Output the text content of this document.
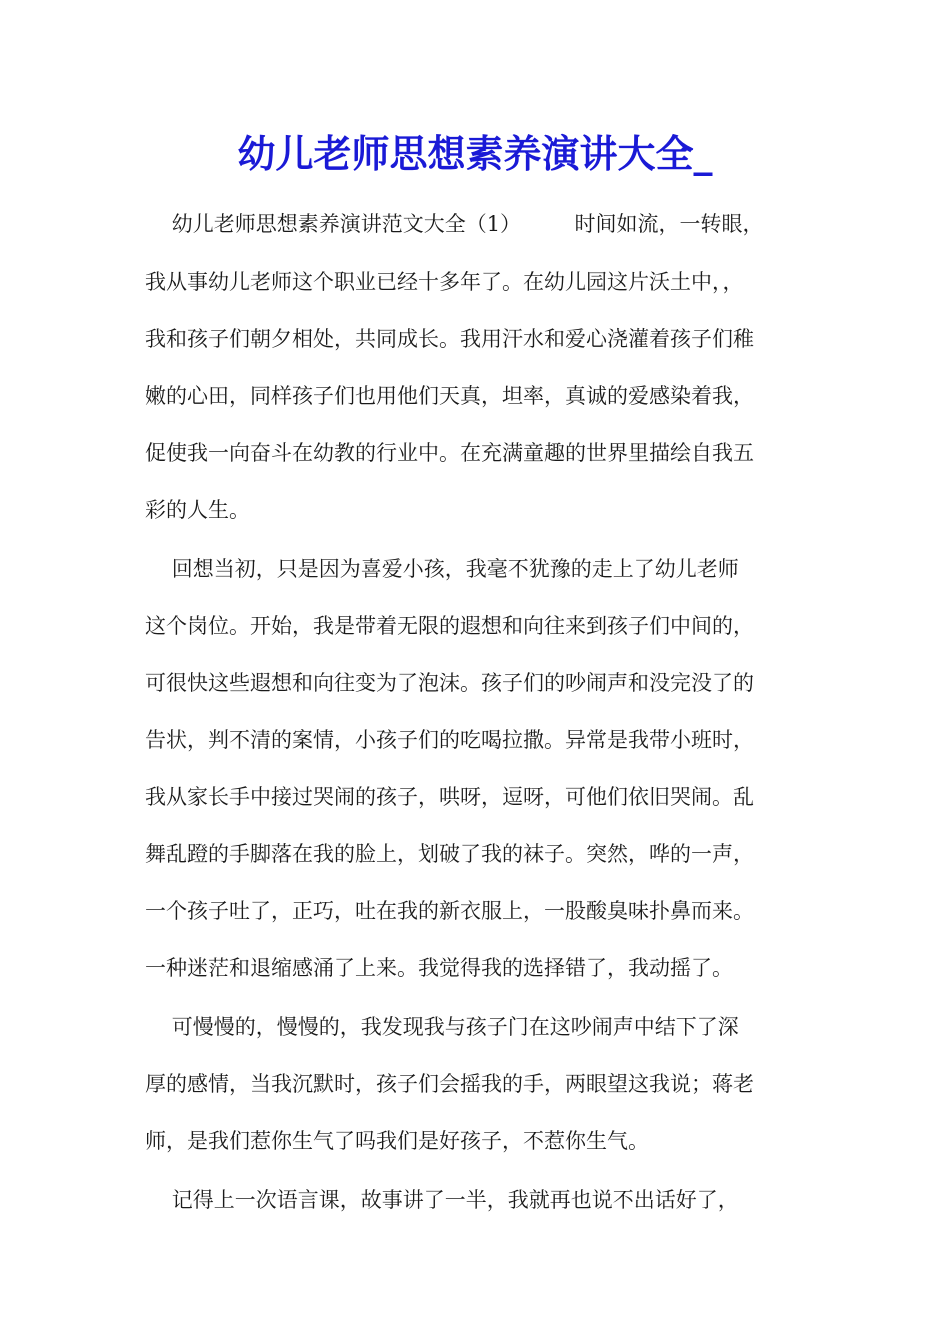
幼儿老师思想素养演讲大全_

幼儿老师思想素养演讲范文大全（1）        时间如流，一转眼，

我从事幼儿老师这个职业已经十多年了。在幼儿园这片沃土中，，

我和孩子们朝夕相处，共同成长。我用汗水和爱心浇灌着孩子们稚

嫩的心田，同样孩子们也用他们天真，坦率，真诚的爱感染着我，

促使我一向奋斗在幼教的行业中。在充满童趣的世界里描绘自我五

彩的人生。

回想当初，只是因为喜爱小孩，我毫不犹豫的走上了幼儿老师

这个岗位。开始，我是带着无限的遐想和向往来到孩子们中间的，

可很快这些遐想和向往变为了泡沫。孩子们的吵闹声和没完没了的

告状，判不清的案情，小孩子们的吃喝拉撒。异常是我带小班时，

我从家长手中接过哭闹的孩子，哄呀，逗呀，可他们依旧哭闹。乱

舞乱蹬的手脚落在我的脸上，划破了我的袜子。突然，哗的一声，

一个孩子吐了，正巧，吐在我的新衣服上，一股酸臭味扑鼻而来。

一种迷茫和退缩感涌了上来。我觉得我的选择错了，我动摇了。

可慢慢的，慢慢的，我发现我与孩子门在这吵闹声中结下了深

厚的感情，当我沉默时，孩子们会摇我的手，两眼望这我说；蒋老

师，是我们惹你生气了吗我们是好孩子，不惹你生气。

记得上一次语言课，故事讲了一半，我就再也说不出话好了，
